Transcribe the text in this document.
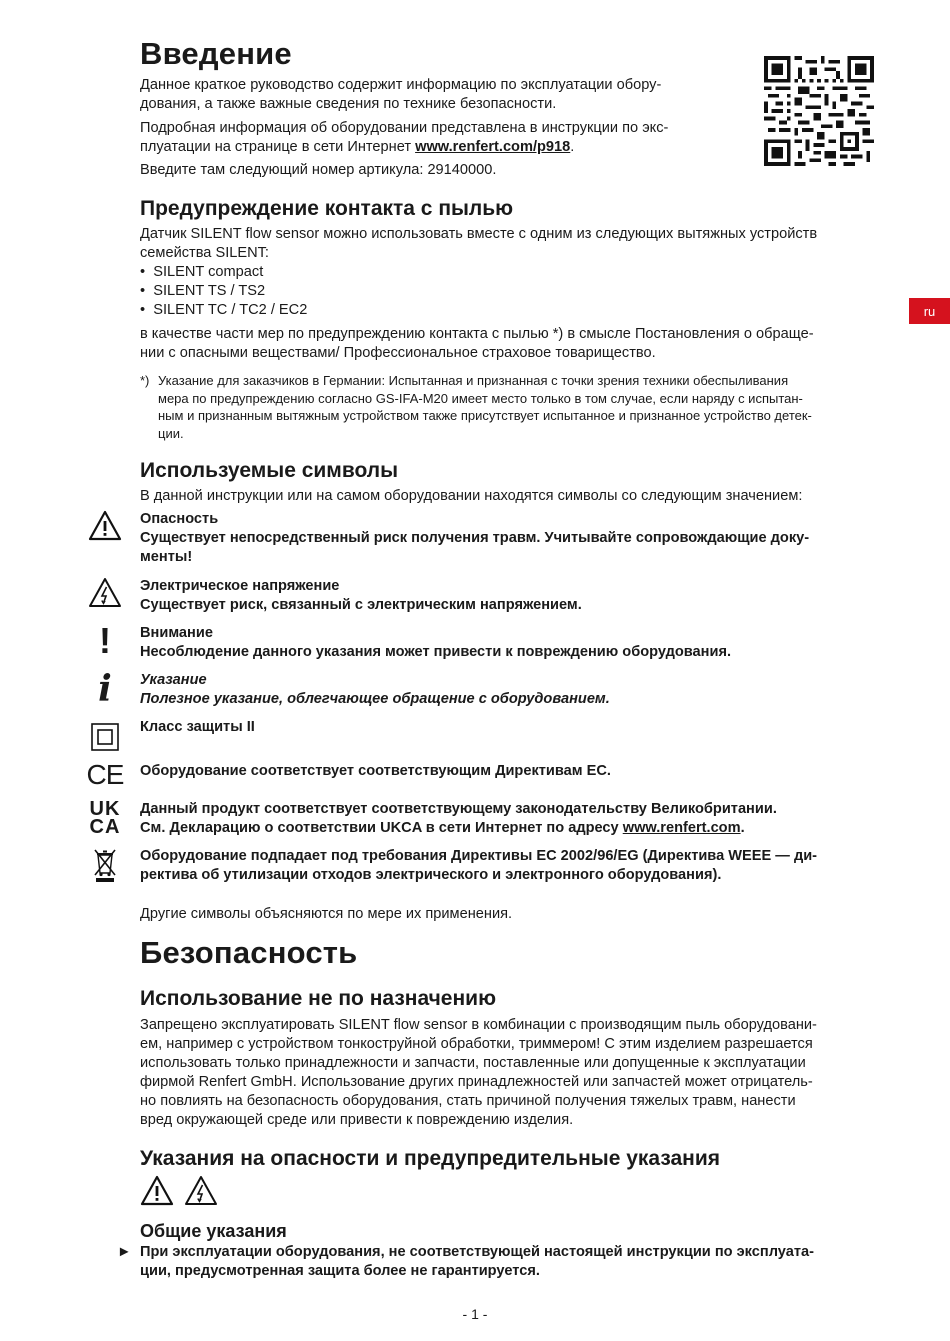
Введение
Данное краткое руководство содержит информацию по эксплуатации обору-
дования, а также важные сведения по технике безопасности.
Подробная информация об оборудовании представлена в инструкции по экс-
плуатации на странице в сети Интернет www.renfert.com/p918.
Введите там следующий номер артикула: 29140000.
ru
Предупреждение контакта с пылью
Датчик SILENT flow sensor можно использовать вместе с одним из следующих вытяжных устройств
семейства SILENT:
• SILENT compact
• SILENT TS / TS2
• SILENT TC / TC2 / EC2
в качестве части мер по предупреждению контакта с пылью *) в смысле Постановления о обраще-
нии с опасными веществами/ Профессиональное страховое товарищество.
*) Указание для заказчиков в Германии: Испытанная и признанная с точки зрения техники обеспыливания
мера по предупреждению согласно GS-IFA-M20 имеет место только в том случае, если наряду с испытан-
ным и признанным вытяжным устройством также присутствует испытанное и признанное устройство детек-
ции.
Используемые символы
В данной инструкции или на самом оборудовании находятся символы со следующим значением:
Опасность
Существует непосредственный риск получения травм. Учитывайте сопровождающие доку-
менты!
Электрическое напряжение
Существует риск, связанный с электрическим напряжением.
!	Внимание
Несоблюдение данного указания может привести к повреждению оборудования.
i	Указание
Полезное указание, облегчающее обращение с оборудованием.
Класс защиты II
CE Оборудование соответствует соответствующим Директивам ЕС.
UK
CA
Данный продукт соответствует соответствующему законодательству Великобритании.
См. Декларацию о соответствии UKCA в сети Интернет по адресу www.renfert.com.
Оборудование подпадает под требования Директивы ЕС 2002/96/EG (Директива WEEE — ди-
ректива об утилизации отходов электрического и электронного оборудования).
Другие символы объясняются по мере их применения.
Безопасность
Использование не по назначению
Запрещено эксплуатировать SILENT flow sensor в комбинации с производящим пыль оборудовани-
ем, например с устройством тонкоструйной обработки, триммером! С этим изделием разрешается
использовать только принадлежности и запчасти, поставленные или допущенные к эксплуатации
фирмой Renfert GmbH. Использование других принадлежностей или запчастей может отрицатель-
но повлиять на безопасность оборудования, стать причиной получения тяжелых травм, нанести
вред окружающей среде или привести к повреждению изделия.
Указания на опасности и предупредительные указания
Общие указания
► При эксплуатации оборудования, не соответствующей настоящей инструкции по эксплуата-
ции, предусмотренная защита более не гарантируется.
- 1 -
